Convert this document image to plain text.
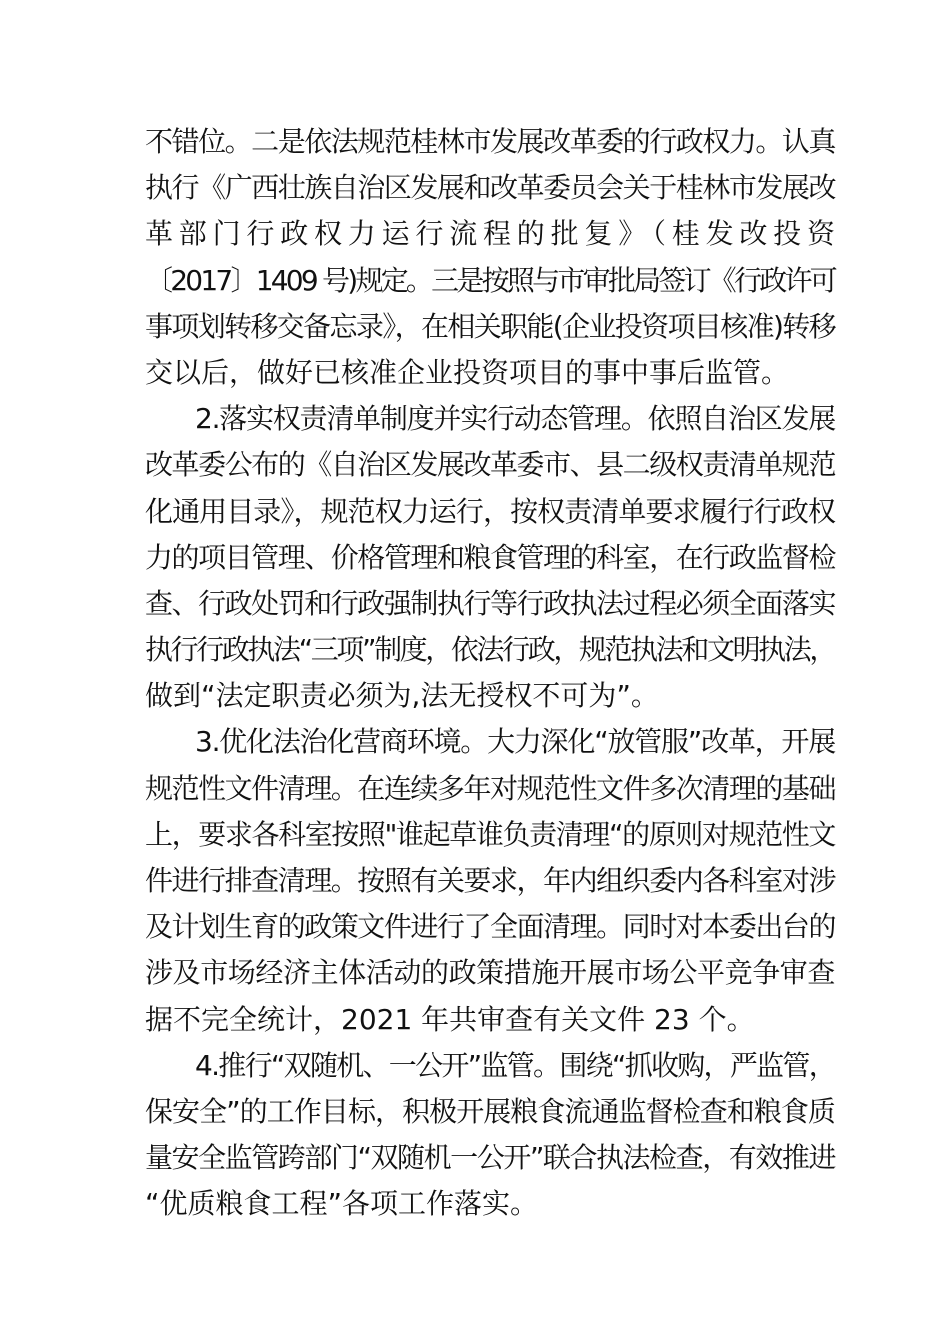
不错位。二是依法规范桂林市发展改革委的行政权力。认真
执行《广西壮族自治区发展和改革委员会关于桂林市发展改
革部门行政权力运行流程的批复》（桂发改投资
〔2017〕1409 号)规定。三是按照与市审批局签订《行政许可
事项划转移交备忘录》，在相关职能(企业投资项目核准)转移
交以后，做好已核准企业投资项目的事中事后监管。
2.落实权责清单制度并实行动态管理。依照自治区发展
改革委公布的《自治区发展改革委市、县二级权责清单规范
化通用目录》，规范权力运行，按权责清单要求履行行政权
力的项目管理、价格管理和粮食管理的科室，在行政监督检
查、行政处罚和行政强制执行等行政执法过程必须全面落实
执行行政执法“三项”制度，依法行政，规范执法和文明执法，
做到“法定职责必须为,法无授权不可为”。
3.优化法治化营商环境。大力深化“放管服”改革，开展
规范性文件清理。在连续多年对规范性文件多次清理的基础
上，要求各科室按照"谁起草谁负责清理“的原则对规范性文
件进行排查清理。按照有关要求，年内组织委内各科室对涉
及计划生育的政策文件进行了全面清理。同时对本委出台的
涉及市场经济主体活动的政策措施开展市场公平竞争审查
据不完全统计，2021 年共审查有关文件 23 个。
4.推行“双随机、一公开”监管。围绕“抓收购，严监管，
保安全”的工作目标，积极开展粮食流通监督检查和粮食质
量安全监管跨部门“双随机一公开”联合执法检查，有效推进
“优质粮食工程”各项工作落实。
